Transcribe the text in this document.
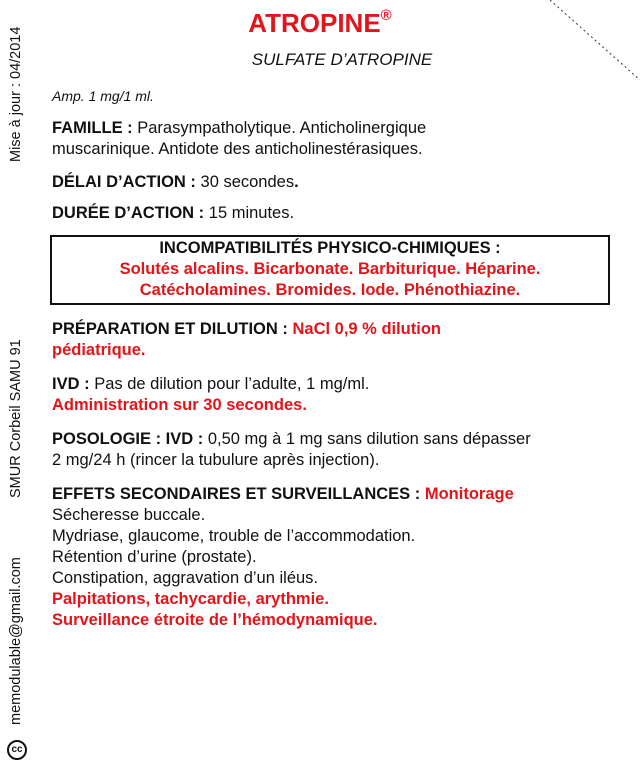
Mise à jour : 04/2014
SMUR Corbeil SAMU 91
memodulable@gmail.com
cc
ATROPINE®
SULFATE D’ATROPINE
Amp. 1 mg/1 ml.
FAMILLE : Parasympatholytique. Anticholinergique
muscarinique. Antidote des anticholinestérasiques.
DÉLAI D’ACTION : 30 secondes.
DURÉE D’ACTION : 15 minutes.
INCOMPATIBILITÉS PHYSICO-CHIMIQUES :
Solutés alcalins. Bicarbonate. Barbiturique. Héparine.
Catécholamines. Bromides. Iode. Phénothiazine.
PRÉPARATION ET DILUTION : NaCl 0,9 % dilution
pédiatrique.
IVD : Pas de dilution pour l’adulte, 1 mg/ml.
Administration sur 30 secondes.
POSOLOGIE : IVD : 0,50 mg à 1 mg sans dilution sans dépasser
2 mg/24 h (rincer la tubulure après injection).
EFFETS SECONDAIRES ET SURVEILLANCES : Monitorage
Sécheresse buccale.
Mydriase, glaucome, trouble de l’accommodation.
Rétention d’urine (prostate).
Constipation, aggravation d’un iléus.
Palpitations, tachycardie, arythmie.
Surveillance étroite de l’hémodynamique.
